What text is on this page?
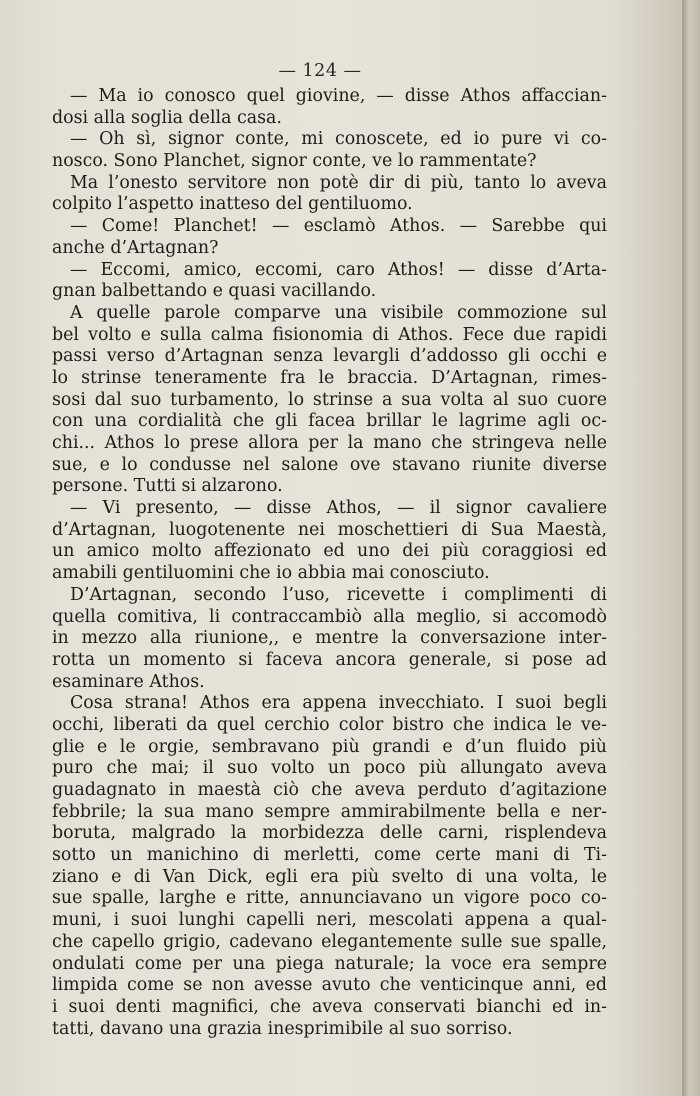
— 124 —
— Ma io conosco quel giovine, — disse Athos affaccian-
dosi alla soglia della casa.
— Oh sì, signor conte, mi conoscete, ed io pure vi co-
nosco. Sono Planchet, signor conte, ve lo rammentate?
Ma l’onesto servitore non potè dir di più, tanto lo aveva
colpito l’aspetto inatteso del gentiluomo.
— Come! Planchet! — esclamò Athos. — Sarebbe qui
anche d’Artagnan?
— Eccomi, amico, eccomi, caro Athos! — disse d’Arta-
gnan balbettando e quasi vacillando.
A quelle parole comparve una visibile commozione sul
bel volto e sulla calma fisionomia di Athos. Fece due rapidi
passi verso d’Artagnan senza levargli d’addosso gli occhi e
lo strinse teneramente fra le braccia. D’Artagnan, rimes-
sosi dal suo turbamento, lo strinse a sua volta al suo cuore
con una cordialità che gli facea brillar le lagrime agli oc-
chi... Athos lo prese allora per la mano che stringeva nelle
sue, e lo condusse nel salone ove stavano riunite diverse
persone. Tutti si alzarono.
— Vi presento, — disse Athos, — il signor cavaliere
d’Artagnan, luogotenente nei moschettieri di Sua Maestà,
un amico molto affezionato ed uno dei più coraggiosi ed
amabili gentiluomini che io abbia mai conosciuto.
D’Artagnan, secondo l’uso, ricevette i complimenti di
quella comitiva, li contraccambiò alla meglio, si accomodò
in mezzo alla riunione,, e mentre la conversazione inter-
rotta un momento si faceva ancora generale, si pose ad
esaminare Athos.
Cosa strana! Athos era appena invecchiato. I suoi begli
occhi, liberati da quel cerchio color bistro che indica le ve-
glie e le orgie, sembravano più grandi e d’un fluido più
puro che mai; il suo volto un poco più allungato aveva
guadagnato in maestà ciò che aveva perduto d’agitazione
febbrile; la sua mano sempre ammirabilmente bella e ner-
boruta, malgrado la morbidezza delle carni, risplendeva
sotto un manichino di merletti, come certe mani di Ti-
ziano e di Van Dick, egli era più svelto di una volta, le
sue spalle, larghe e ritte, annunciavano un vigore poco co-
muni, i suoi lunghi capelli neri, mescolati appena a qual-
che capello grigio, cadevano elegantemente sulle sue spalle,
ondulati come per una piega naturale; la voce era sempre
limpida come se non avesse avuto che venticinque anni, ed
i suoi denti magnifici, che aveva conservati bianchi ed in-
tatti, davano una grazia inesprimibile al suo sorriso.
